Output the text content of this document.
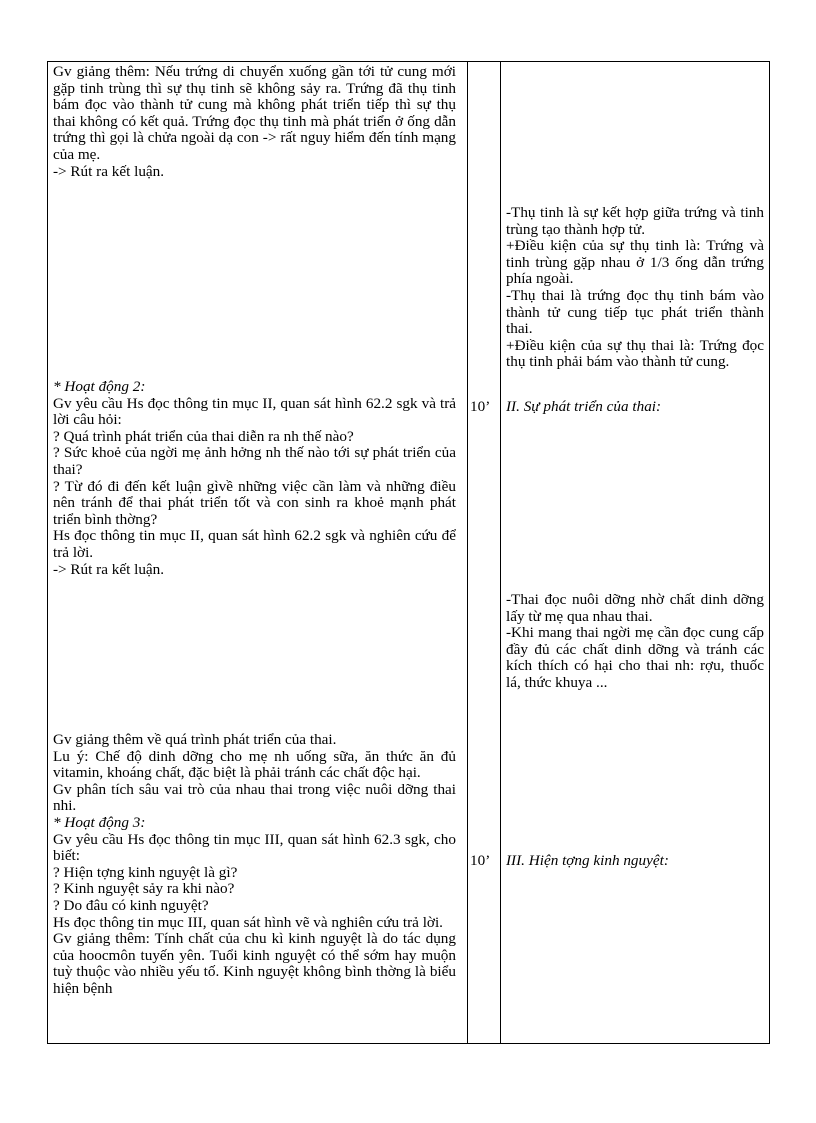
Gv giảng thêm: Nếu trứng di chuyển xuống gần tới tử cung mới gặp tinh trùng thì sự thụ tinh sẽ không sảy ra. Trứng đã thụ tinh bám đọc vào thành tử cung mà không phát triển tiếp thì sự thụ thai không có kết quả. Trứng đọc thụ tinh mà phát triển ở ống dẫn trứng thì gọi là chửa ngoài dạ con -> rất nguy hiểm đến tính mạng của mẹ.

-> Rút ra kết luận.

* Hoạt động 2:

Gv yêu cầu Hs đọc thông tin mục II, quan sát hình 62.2 sgk và trả lời câu hỏi:

? Quá trình phát triển của thai diễn ra nh thế nào?

? Sức khoẻ của ngời mẹ ảnh hởng nh thế nào tới sự phát triển của thai?

? Từ đó đi đến kết luận gìvề những việc cần làm và những điều nên tránh để thai phát triển tốt và con sinh ra khoẻ mạnh phát triển bình thờng?

Hs đọc thông tin mục II, quan sát hình 62.2 sgk và nghiên cứu để trả lời.

-> Rút ra kết luận.

Gv giảng thêm về quá trình phát triển của thai.

Lu ý: Chế độ dinh dỡng cho mẹ nh uống sữa, ăn thức ăn đủ vitamin, khoáng chất, đặc biệt là phải tránh các chất độc hại.

Gv phân tích sâu vai trò của nhau thai trong việc nuôi dỡng thai nhi.

* Hoạt động 3:

Gv yêu cầu Hs đọc thông tin mục III, quan sát hình 62.3 sgk, cho biết:

? Hiện tợng kinh nguyệt là gì?

? Kinh nguyệt sảy ra khi nào?

? Do đâu có kinh nguyệt?

Hs đọc thông tin mục III, quan sát hình vẽ và nghiên cứu trả lời.

Gv giảng thêm: Tính chất của chu kì kinh nguyệt là do tác dụng của hoocmôn tuyến yên. Tuổi kinh nguyệt có thể sớm hay muộn tuỳ thuộc vào nhiều yếu tố. Kinh nguyệt không bình thờng là biểu hiện bệnh

10’
10’

-Thụ tinh là sự kết hợp giữa trứng và tinh trùng tạo thành hợp tử.

+Điều kiện của sự thụ tinh là: Trứng và tinh trùng gặp nhau ở 1/3 ống dẫn trứng phía ngoài.

-Thụ thai là trứng đọc thụ tinh bám vào thành tử cung tiếp tục phát triển thành thai.

+Điều kiện của sự thụ thai là: Trứng đọc thụ tinh phải bám vào thành tử cung.

II. Sự phát triển của thai:

-Thai đọc nuôi dỡng nhờ chất dinh dỡng lấy từ mẹ qua nhau thai.

-Khi mang thai ngời mẹ cần đọc cung cấp đầy đủ các chất dinh dỡng và tránh các kích thích có hại cho thai nh: rợu, thuốc lá, thức khuya ...

III. Hiện tợng kinh nguyệt:
